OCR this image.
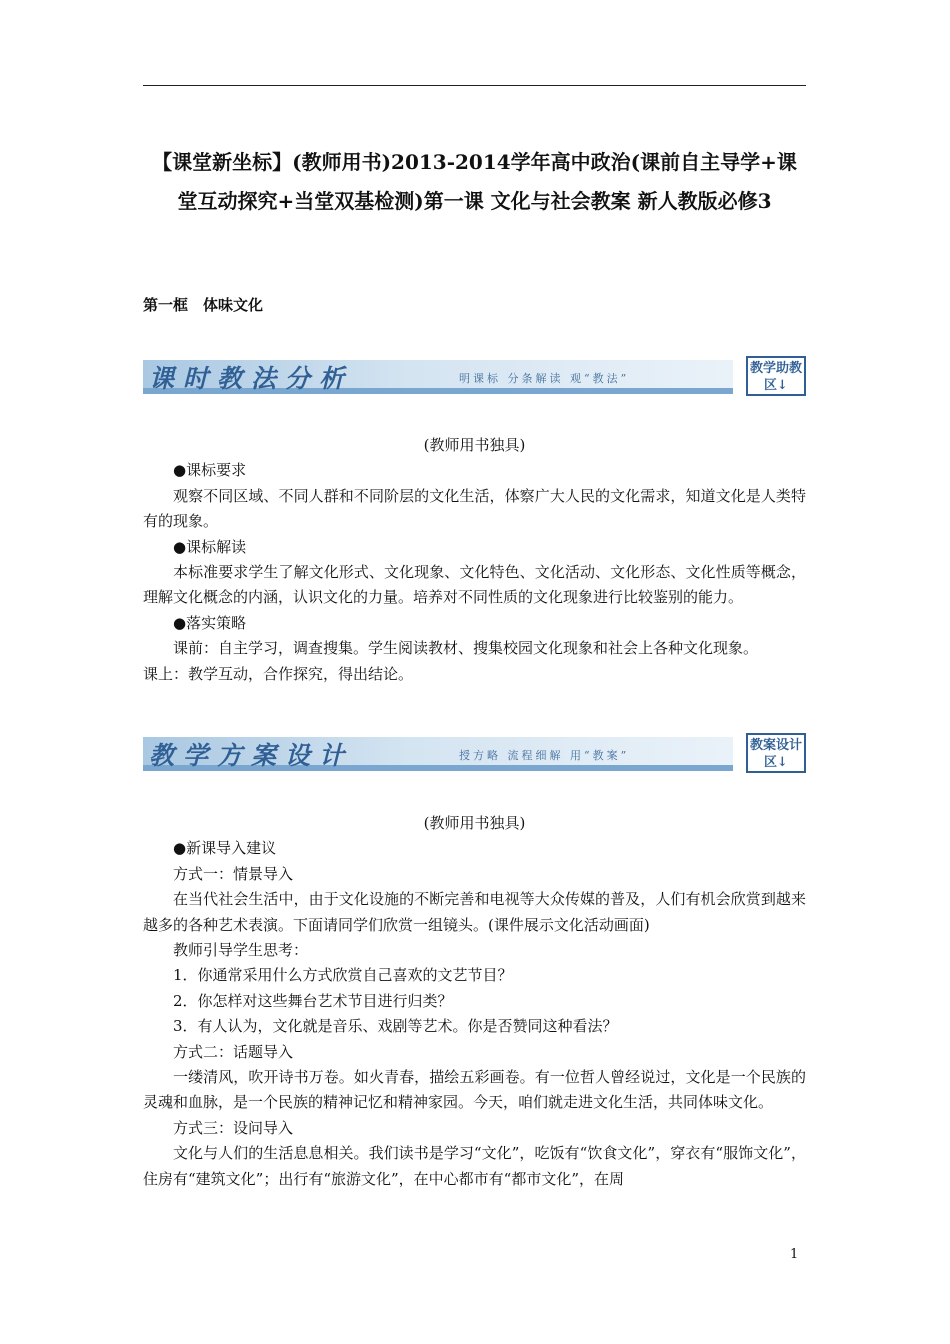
【课堂新坐标】(教师用书)2013-2014学年高中政治(课前自主导学+课堂互动探究+当堂双基检测)第一课 文化与社会教案 新人教版必修3
第一框　体味文化
课时教法分析	明课标 分条解读 观“教法”
教学助教区↓

(教师用书独具)

●课标要求

观察不同区域、不同人群和不同阶层的文化生活，体察广大人民的文化需求，知道文化是人类特有的现象。

●课标解读

本标准要求学生了解文化形式、文化现象、文化特色、文化活动、文化形态、文化性质等概念，理解文化概念的内涵，认识文化的力量。培养对不同性质的文化现象进行比较鉴别的能力。

●落实策略

课前：自主学习，调查搜集。学生阅读教材、搜集校园文化现象和社会上各种文化现象。

课上：教学互动，合作探究，得出结论。

教学方案设计	授方略 流程细解 用“教案”
教案设计区↓

(教师用书独具)

●新课导入建议

方式一：情景导入

在当代社会生活中，由于文化设施的不断完善和电视等大众传媒的普及，人们有机会欣赏到越来越多的各种艺术表演。下面请同学们欣赏一组镜头。(课件展示文化活动画面)

教师引导学生思考：

1．你通常采用什么方式欣赏自己喜欢的文艺节目？

2．你怎样对这些舞台艺术节目进行归类？

3．有人认为，文化就是音乐、戏剧等艺术。你是否赞同这种看法？

方式二：话题导入

一缕清风，吹开诗书万卷。如火青春，描绘五彩画卷。有一位哲人曾经说过，文化是一个民族的灵魂和血脉，是一个民族的精神记忆和精神家园。今天，咱们就走进文化生活，共同体味文化。

方式三：设问导入

文化与人们的生活息息相关。我们读书是学习“文化”，吃饭有“饮食文化”，穿衣有“服饰文化”，住房有“建筑文化”；出行有“旅游文化”，在中心都市有“都市文化”，在周

1
